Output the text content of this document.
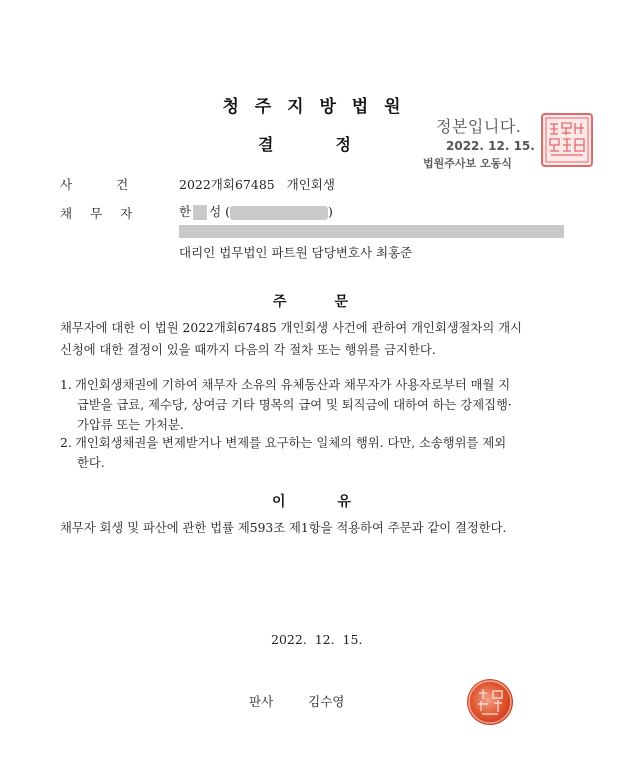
청 주 지 방 법 원
결	정
정본입니다.
2022. 12. 15.
법원주사보 오동식
사	건	2022개회67485   개인회생
채 무 자	한 성 (	)
대리인 법무법인 파트원 담당변호사 최홍준
주	문
채무자에 대한 이 법원 2022개회67485 개인회생 사건에 관하여 개인회생절차의 개시
신청에 대한 결정이 있을 때까지 다음의 각 절차 또는 행위를 금지한다.
1. 개인회생채권에 기하여 채무자 소유의 유체동산과 채무자가 사용자로부터 매월 지
급받을 급료, 제수당, 상여금 기타 명목의 급여 및 퇴직금에 대하여 하는 강제집행·
가압류 또는 가처분.
2. 개인회생채권을 변제받거나 변제를 요구하는 일체의 행위. 다만, 소송행위를 제외
한다.
이	유
채무자 회생 및 파산에 관한 법률 제593조 제1항을 적용하여 주문과 같이 결정한다.
2022.  12.  15.
판사	김수영
